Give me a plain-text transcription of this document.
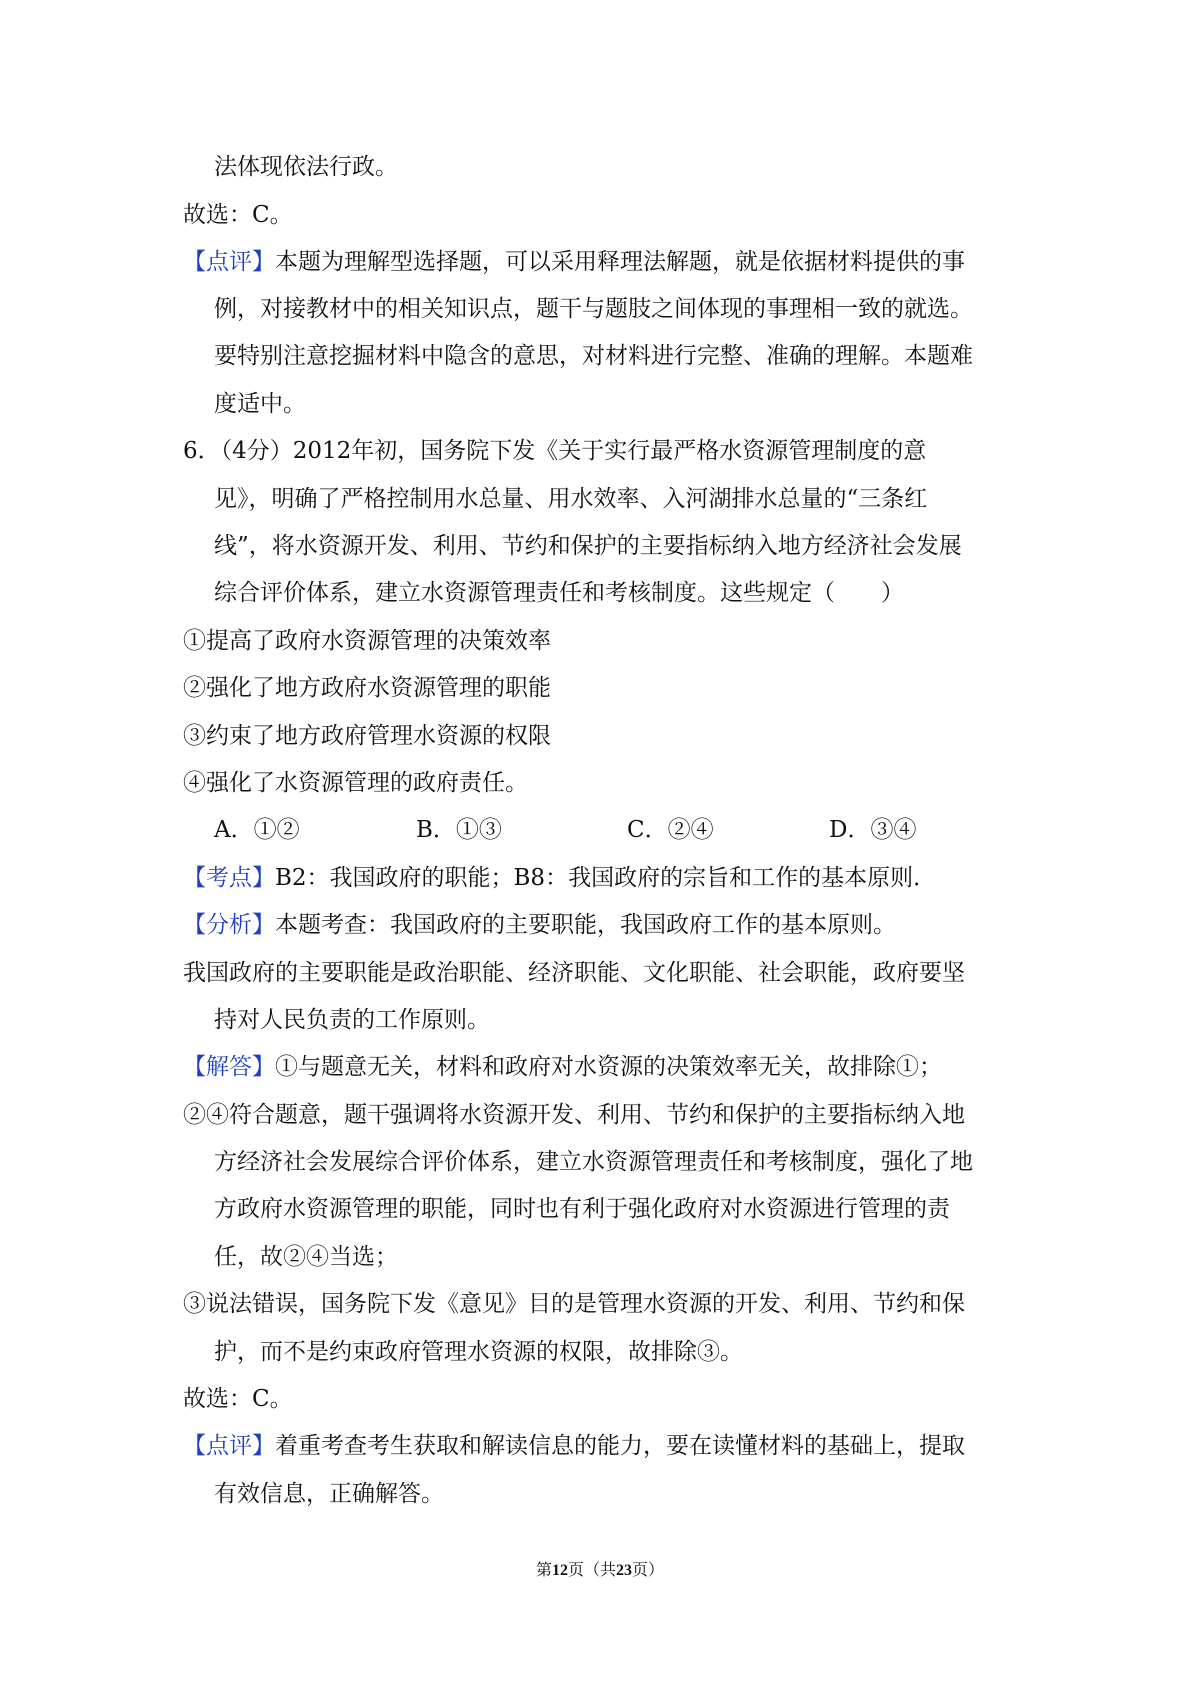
法体现依法行政。
故选：C。
【点评】本题为理解型选择题，可以采用释理法解题，就是依据材料提供的事
例，对接教材中的相关知识点，题干与题肢之间体现的事理相一致的就选。
要特别注意挖掘材料中隐含的意思，对材料进行完整、准确的理解。本题难
度适中。
6．（4分）2012年初，国务院下发《关于实行最严格水资源管理制度的意
见》，明确了严格控制用水总量、用水效率、入河湖排水总量的“三条红
线”，将水资源开发、利用、节约和保护的主要指标纳入地方经济社会发展
综合评价体系，建立水资源管理责任和考核制度。这些规定（　　）
①提高了政府水资源管理的决策效率
②强化了地方政府水资源管理的职能
③约束了地方政府管理水资源的权限
④强化了水资源管理的政府责任。
A．①②	B．①③	C．②④	D．③④
【考点】B2：我国政府的职能；B8：我国政府的宗旨和工作的基本原则．
【分析】本题考查：我国政府的主要职能，我国政府工作的基本原则。
我国政府的主要职能是政治职能、经济职能、文化职能、社会职能，政府要坚
持对人民负责的工作原则。
【解答】①与题意无关，材料和政府对水资源的决策效率无关，故排除①；
②④符合题意，题干强调将水资源开发、利用、节约和保护的主要指标纳入地
方经济社会发展综合评价体系，建立水资源管理责任和考核制度，强化了地
方政府水资源管理的职能，同时也有利于强化政府对水资源进行管理的责
任，故②④当选；
③说法错误，国务院下发《意见》目的是管理水资源的开发、利用、节约和保
护，而不是约束政府管理水资源的权限，故排除③。
故选：C。
【点评】着重考查考生获取和解读信息的能力，要在读懂材料的基础上，提取
有效信息，正确解答。
第12页（共23页）
